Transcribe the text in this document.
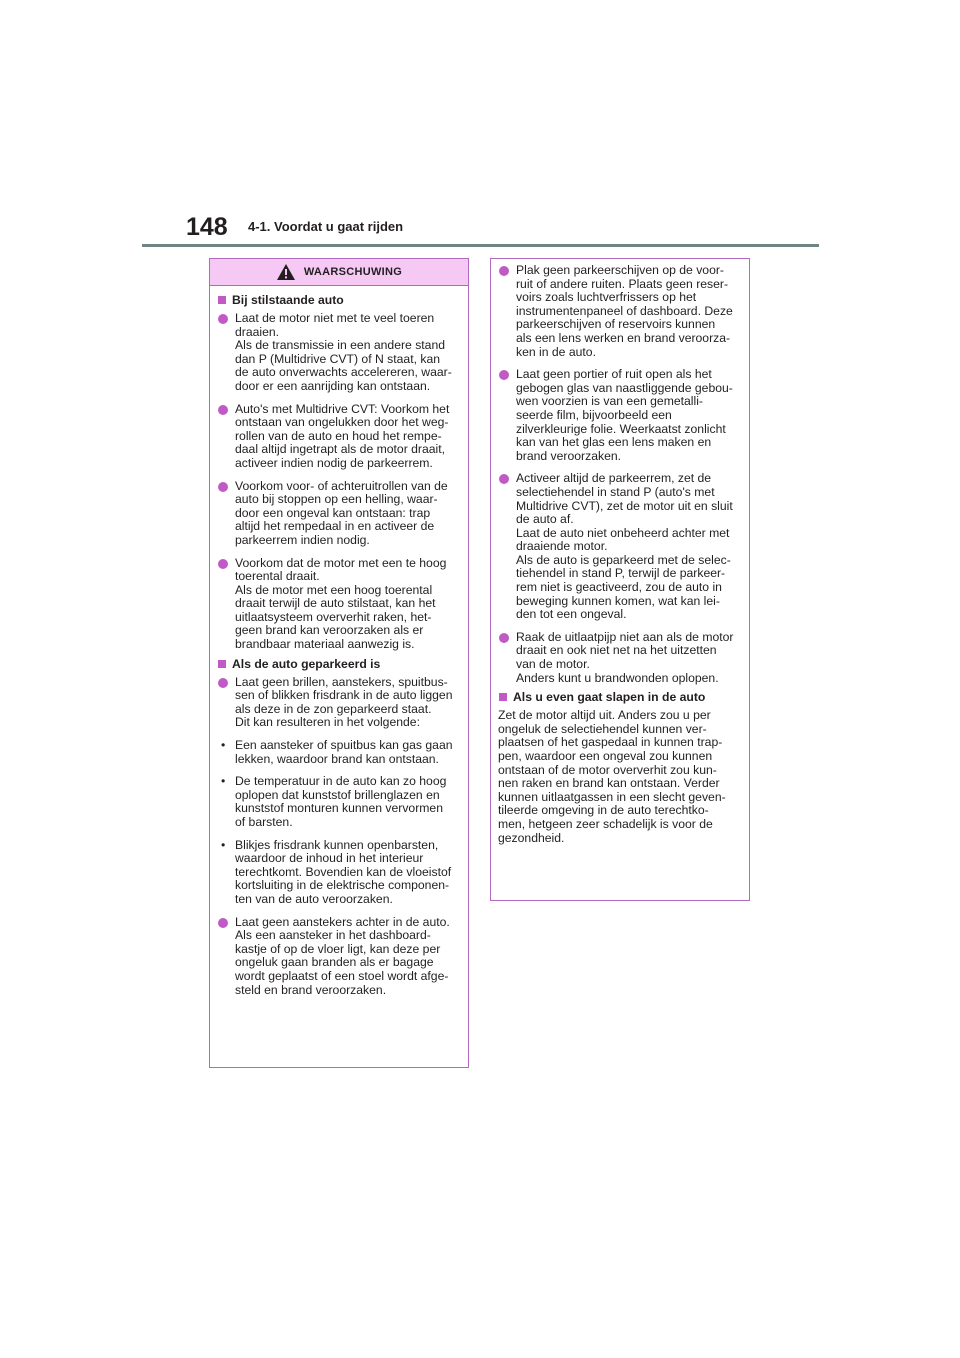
148 4-1. Voordat u gaat rijden
WAARSCHUWING
Bij stilstaande auto
Laat de motor niet met te veel toeren
draaien.
Als de transmissie in een andere stand
dan P (Multidrive CVT) of N staat, kan
de auto onverwachts accelereren, waar-
door er een aanrijding kan ontstaan.
Auto's met Multidrive CVT: Voorkom het
ontstaan van ongelukken door het weg-
rollen van de auto en houd het rempe-
daal altijd ingetrapt als de motor draait,
activeer indien nodig de parkeerrem.
Voorkom voor- of achteruitrollen van de
auto bij stoppen op een helling, waar-
door een ongeval kan ontstaan: trap
altijd het rempedaal in en activeer de
parkeerrem indien nodig.
Voorkom dat de motor met een te hoog
toerental draait.
Als de motor met een hoog toerental
draait terwijl de auto stilstaat, kan het
uitlaatsysteem oververhit raken, het-
geen brand kan veroorzaken als er
brandbaar materiaal aanwezig is.
Als de auto geparkeerd is
Laat geen brillen, aanstekers, spuitbus-
sen of blikken frisdrank in de auto liggen
als deze in de zon geparkeerd staat.
Dit kan resulteren in het volgende:
• Een aansteker of spuitbus kan gas gaan
lekken, waardoor brand kan ontstaan.
• De temperatuur in de auto kan zo hoog
oplopen dat kunststof brillenglazen en
kunststof monturen kunnen vervormen
of barsten.
• Blikjes frisdrank kunnen openbarsten,
waardoor de inhoud in het interieur
terechtkomt. Bovendien kan de vloeistof
kortsluiting in de elektrische componen-
ten van de auto veroorzaken.
Laat geen aanstekers achter in de auto.
Als een aansteker in het dashboard-
kastje of op de vloer ligt, kan deze per
ongeluk gaan branden als er bagage
wordt geplaatst of een stoel wordt afge-
steld en brand veroorzaken.
Plak geen parkeerschijven op de voor-
ruit of andere ruiten. Plaats geen reser-
voirs zoals luchtverfrissers op het
instrumentenpaneel of dashboard. Deze
parkeerschijven of reservoirs kunnen
als een lens werken en brand veroorza-
ken in de auto.
Laat geen portier of ruit open als het
gebogen glas van naastliggende gebou-
wen voorzien is van een gemetalli-
seerde film, bijvoorbeeld een
zilverkleurige folie. Weerkaatst zonlicht
kan van het glas een lens maken en
brand veroorzaken.
Activeer altijd de parkeerrem, zet de
selectiehendel in stand P (auto's met
Multidrive CVT), zet de motor uit en sluit
de auto af.
Laat de auto niet onbeheerd achter met
draaiende motor.
Als de auto is geparkeerd met de selec-
tiehendel in stand P, terwijl de parkeer-
rem niet is geactiveerd, zou de auto in
beweging kunnen komen, wat kan lei-
den tot een ongeval.
Raak de uitlaatpijp niet aan als de motor
draait en ook niet net na het uitzetten
van de motor.
Anders kunt u brandwonden oplopen.
Als u even gaat slapen in de auto
Zet de motor altijd uit. Anders zou u per
ongeluk de selectiehendel kunnen ver-
plaatsen of het gaspedaal in kunnen trap-
pen, waardoor een ongeval zou kunnen
ontstaan of de motor oververhit zou kun-
nen raken en brand kan ontstaan. Verder
kunnen uitlaatgassen in een slecht geven-
tileerde omgeving in de auto terechtko-
men, hetgeen zeer schadelijk is voor de
gezondheid.
